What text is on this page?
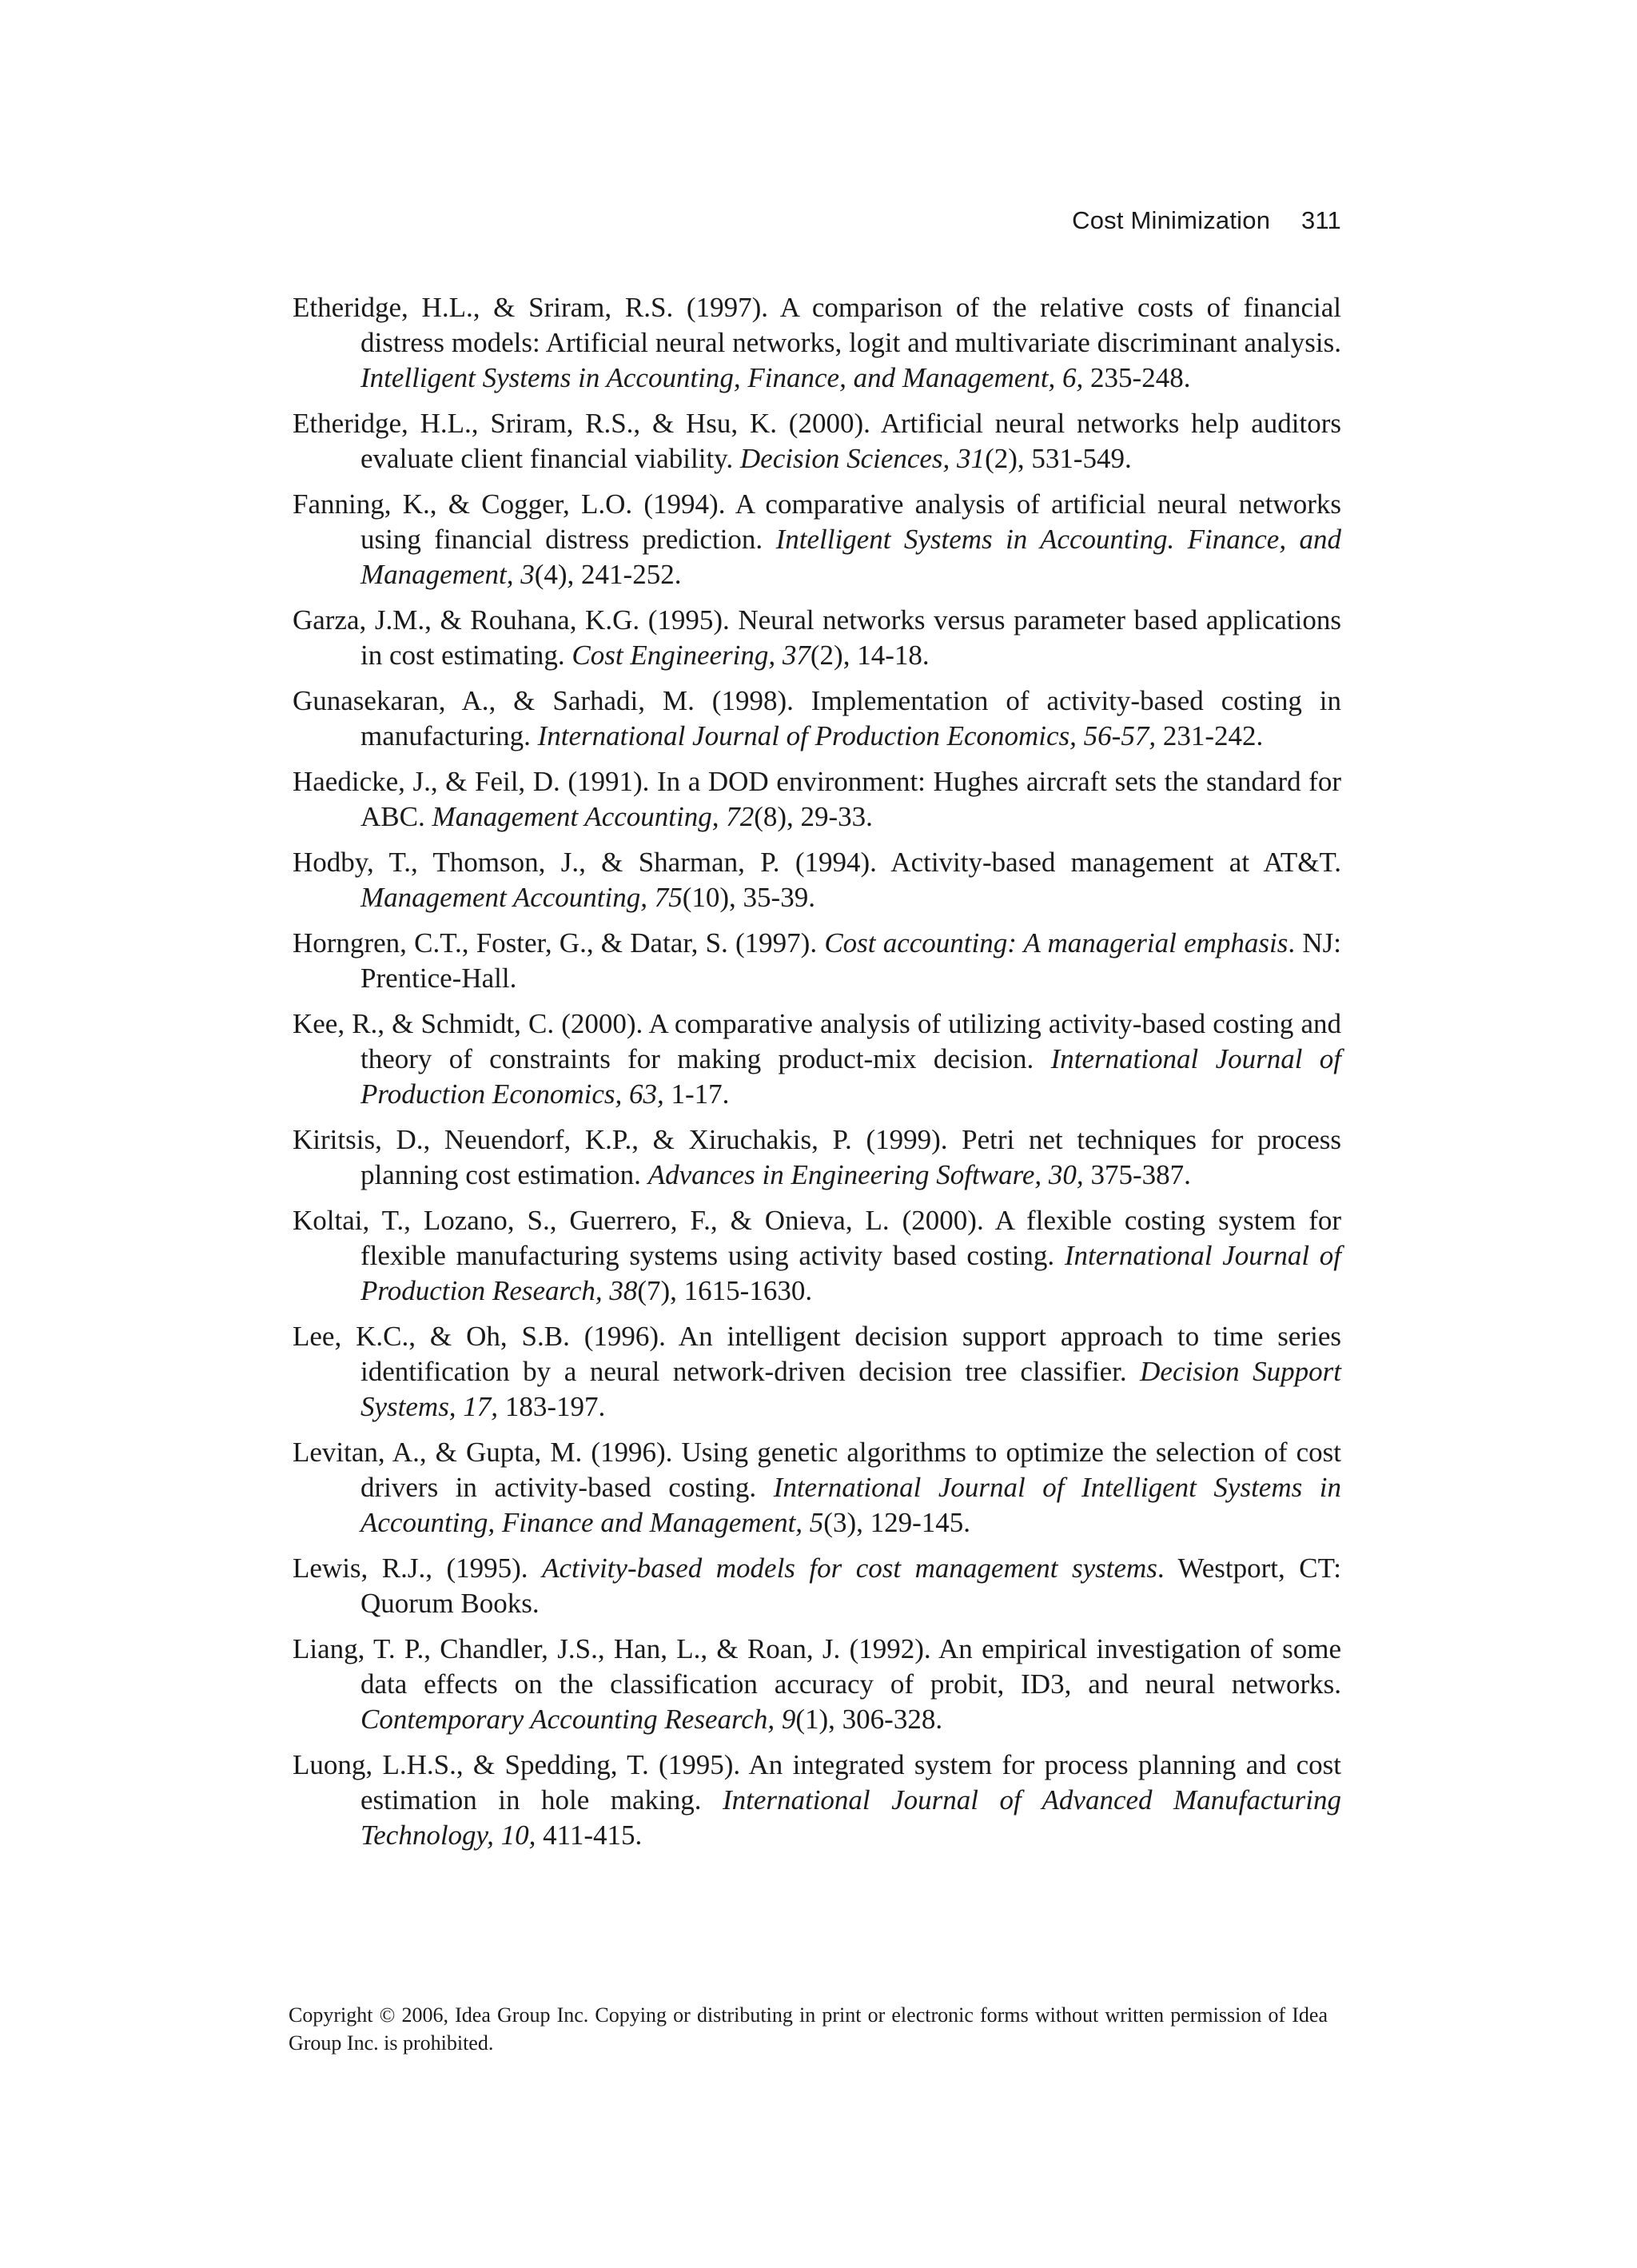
Cost Minimization 311

Etheridge, H.L., & Sriram, R.S. (1997). A comparison of the relative costs of financial distress models: Artificial neural networks, logit and multivariate discriminant analysis. Intelligent Systems in Accounting, Finance, and Management, 6, 235-248.

Etheridge, H.L., Sriram, R.S., & Hsu, K. (2000). Artificial neural networks help auditors evaluate client financial viability. Decision Sciences, 31(2), 531-549.

Fanning, K., & Cogger, L.O. (1994). A comparative analysis of artificial neural networks using financial distress prediction. Intelligent Systems in Accounting. Finance, and Management, 3(4), 241-252.

Garza, J.M., & Rouhana, K.G. (1995). Neural networks versus parameter based applications in cost estimating. Cost Engineering, 37(2), 14-18.

Gunasekaran, A., & Sarhadi, M. (1998). Implementation of activity-based costing in manufacturing. International Journal of Production Economics, 56-57, 231-242.

Haedicke, J., & Feil, D. (1991). In a DOD environment: Hughes aircraft sets the standard for ABC. Management Accounting, 72(8), 29-33.

Hodby, T., Thomson, J., & Sharman, P. (1994). Activity-based management at AT&T. Management Accounting, 75(10), 35-39.

Horngren, C.T., Foster, G., & Datar, S. (1997). Cost accounting: A managerial emphasis. NJ: Prentice-Hall.

Kee, R., & Schmidt, C. (2000). A comparative analysis of utilizing activity-based costing and theory of constraints for making product-mix decision. International Journal of Production Economics, 63, 1-17.

Kiritsis, D., Neuendorf, K.P., & Xiruchakis, P. (1999). Petri net techniques for process planning cost estimation. Advances in Engineering Software, 30, 375-387.

Koltai, T., Lozano, S., Guerrero, F., & Onieva, L. (2000). A flexible costing system for flexible manufacturing systems using activity based costing. International Journal of Production Research, 38(7), 1615-1630.

Lee, K.C., & Oh, S.B. (1996). An intelligent decision support approach to time series identification by a neural network-driven decision tree classifier. Decision Support Systems, 17, 183-197.

Levitan, A., & Gupta, M. (1996). Using genetic algorithms to optimize the selection of cost drivers in activity-based costing. International Journal of Intelligent Systems in Accounting, Finance and Management, 5(3), 129-145.

Lewis, R.J., (1995). Activity-based models for cost management systems. Westport, CT: Quorum Books.

Liang, T. P., Chandler, J.S., Han, L., & Roan, J. (1992). An empirical investigation of some data effects on the classification accuracy of probit, ID3, and neural networks. Contemporary Accounting Research, 9(1), 306-328.

Luong, L.H.S., & Spedding, T. (1995). An integrated system for process planning and cost estimation in hole making. International Journal of Advanced Manufacturing Technology, 10, 411-415.

Copyright © 2006, Idea Group Inc. Copying or distributing in print or electronic forms without written permission of Idea Group Inc. is prohibited.
